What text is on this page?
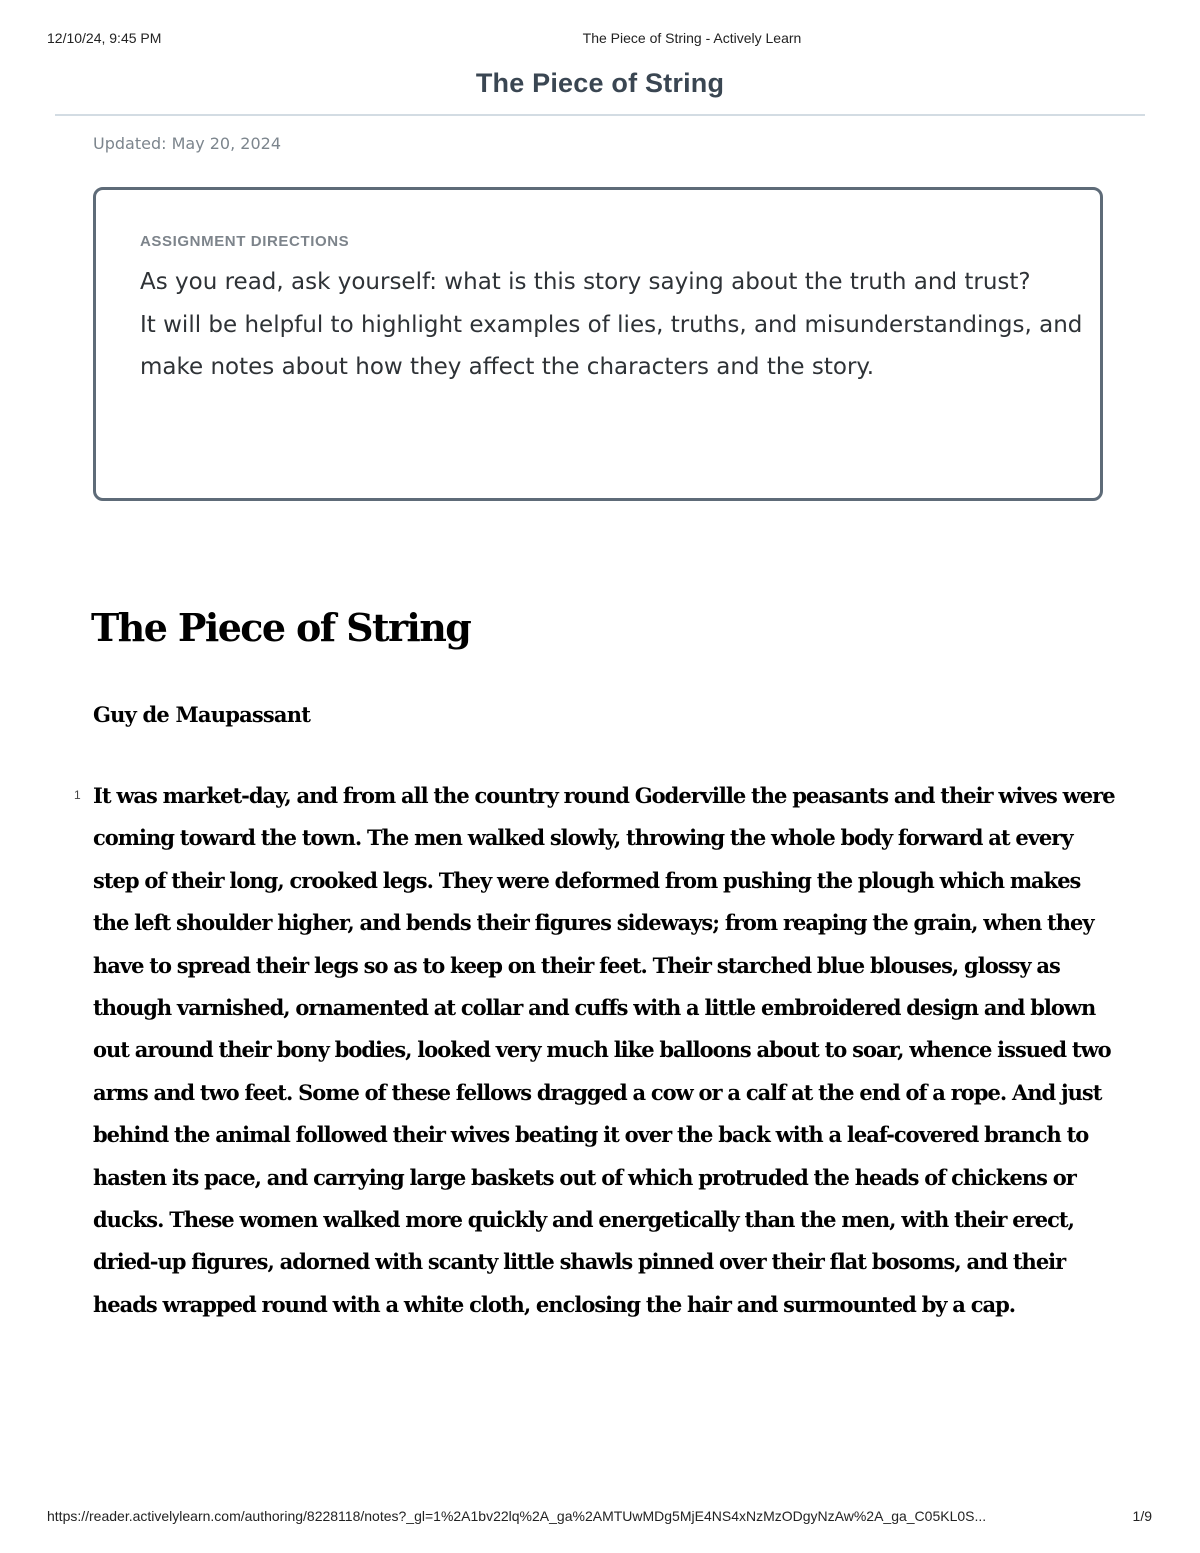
12/10/24, 9:45 PM	The Piece of String - Actively Learn
The Piece of String
Updated: May 20, 2024
ASSIGNMENT DIRECTIONS

As you read, ask yourself: what is this story saying about the truth and trust?

It will be helpful to highlight examples of lies, truths, and misunderstandings, and make notes about how they affect the characters and the story.

The Piece of String
Guy de Maupassant
1 It was market-day, and from all the country round Goderville the peasants and their wives were coming toward the town. The men walked slowly, throwing the whole body forward at every step of their long, crooked legs. They were deformed from pushing the plough which makes the left shoulder higher, and bends their figures sideways; from reaping the grain, when they have to spread their legs so as to keep on their feet. Their starched blue blouses, glossy as though varnished, ornamented at collar and cuffs with a little embroidered design and blown out around their bony bodies, looked very much like balloons about to soar, whence issued two arms and two feet. Some of these fellows dragged a cow or a calf at the end of a rope. And just behind the animal followed their wives beating it over the back with a leaf-covered branch to hasten its pace, and carrying large baskets out of which protruded the heads of chickens or ducks. These women walked more quickly and energetically than the men, with their erect, dried-up figures, adorned with scanty little shawls pinned over their flat bosoms, and their heads wrapped round with a white cloth, enclosing the hair and surmounted by a cap.

https://reader.activelylearn.com/authoring/8228118/notes?_gl=1%2A1bv22lq%2A_ga%2AMTUwMDg5MjE4NS4xNzMzODgyNzAw%2A_ga_C05KL0S...	1/9
